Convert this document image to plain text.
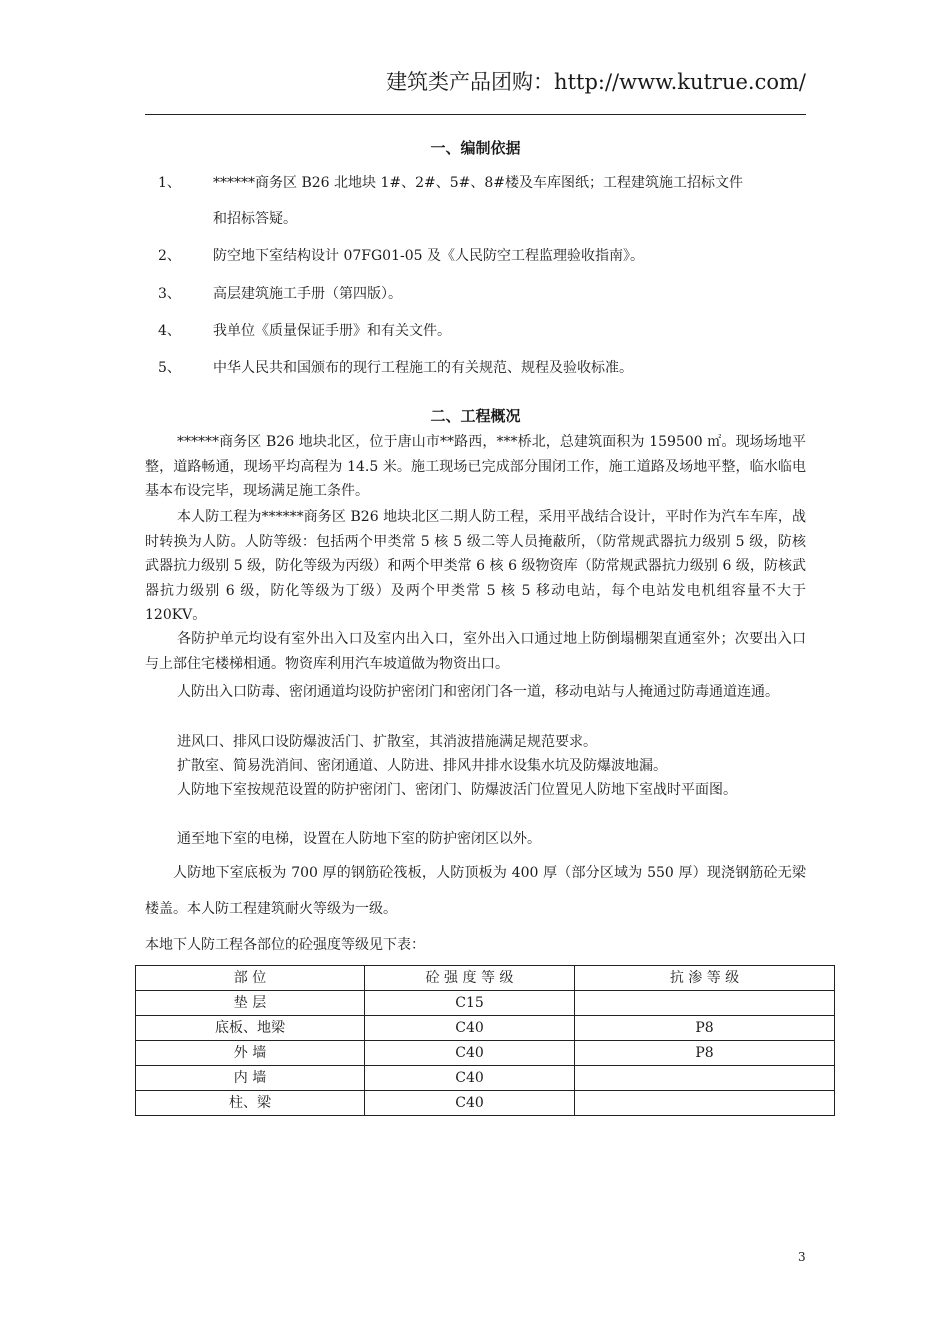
建筑类产品团购：http://www.kutrue.com/
一、编制依据
1、 ******商务区 B26 北地块 1#、2#、5#、8#楼及车库图纸；工程建筑施工招标文件
和招标答疑。
2、 防空地下室结构设计 07FG01-05 及《人民防空工程监理验收指南》。
3、 高层建筑施工手册（第四版）。
4、 我单位《质量保证手册》和有关文件。
5、 中华人民共和国颁布的现行工程施工的有关规范、规程及验收标准。
二、工程概况
******商务区 B26 地块北区，位于唐山市**路西，***桥北，总建筑面积为 159500 ㎡。现场场地平整，道路畅通，现场平均高程为 14.5 米。施工现场已完成部分围闭工作，施工道路及场地平整，临水临电基本布设完毕，现场满足施工条件。
本人防工程为******商务区 B26 地块北区二期人防工程，采用平战结合设计，平时作为汽车车库，战时转换为人防。人防等级：包括两个甲类常 5 核 5 级二等人员掩蔽所，（防常规武器抗力级别 5 级，防核武器抗力级别 5 级，防化等级为丙级）和两个甲类常 6 核 6 级物资库（防常规武器抗力级别 6 级，防核武器抗力级别 6 级，防化等级为丁级）及两个甲类常 5 核 5 移动电站，每个电站发电机组容量不大于 120KV。
各防护单元均设有室外出入口及室内出入口，室外出入口通过地上防倒塌棚架直通室外；次要出入口与上部住宅楼梯相通。物资库利用汽车坡道做为物资出口。
人防出入口防毒、密闭通道均设防护密闭门和密闭门各一道，移动电站与人掩通过防毒通道连通。
进风口、排风口设防爆波活门、扩散室，其消波措施满足规范要求。
扩散室、简易洗消间、密闭通道、人防进、排风井排水设集水坑及防爆波地漏。
人防地下室按规范设置的防护密闭门、密闭门、防爆波活门位置见人防地下室战时平面图。
通至地下室的电梯，设置在人防地下室的防护密闭区以外。
人防地下室底板为 700 厚的钢筋砼筏板，人防顶板为 400 厚（部分区域为 550 厚）现浇钢筋砼无梁楼盖。本人防工程建筑耐火等级为一级。
本地下人防工程各部位的砼强度等级见下表：
部 位	砼 强 度 等 级	抗 渗 等 级
垫 层	C15	
底板、地梁	C40	P8
外 墙	C40	P8
内 墙	C40	
柱、梁	C40	
3
